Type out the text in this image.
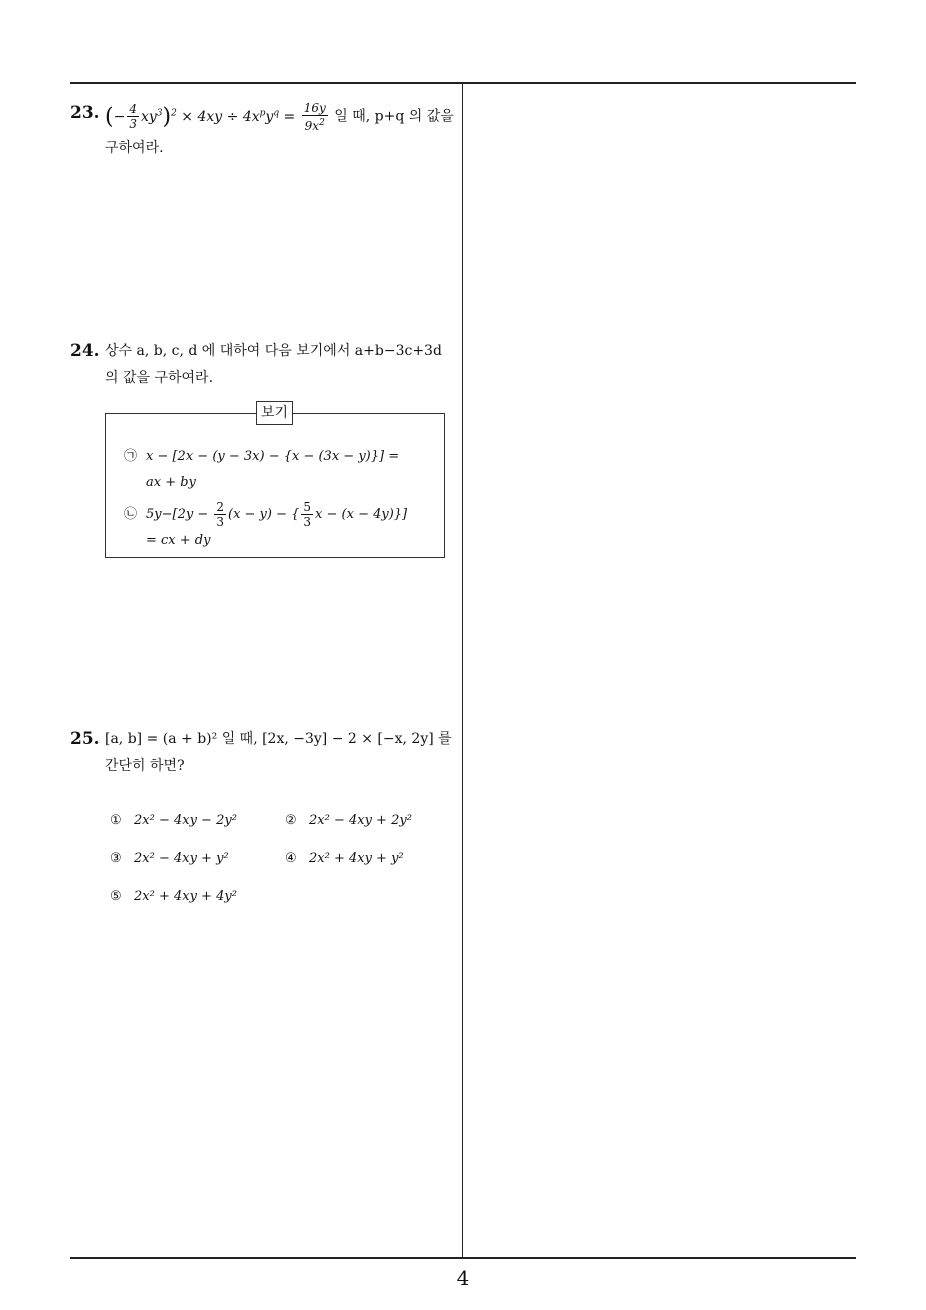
23. (− $\frac{4}{3} xy^3)^2 \times 4xy \div 4x^py^q = \frac{16y}{9x^2}$ 일 때, p+q 의 값을
구하여라.
24. 상수 a, b, c, d 에 대하여 다음 보기에서 a+b−3c+3d
의 값을 구하여라.
보기
㉠ x − [2x − (y − 3x) − {x − (3x − y)}] =
ax + by
㉡ $5y-[2y - \frac{2}{3} (x - y)$ − { $\frac{5}{3}$ x − (x − 4y)}]
= cx + dy
25. [a, b] = (a + b)² 일 때, [2x, −3y] − 2 × [−x, 2y] 를
간단히 하면?
① 2x² − 4xy − 2y²	② 2x² − 4xy + 2y²
③ 2x² − 4xy + y²	④ 2x² + 4xy + y²
⑤ 2x² + 4xy + 4y²
4
